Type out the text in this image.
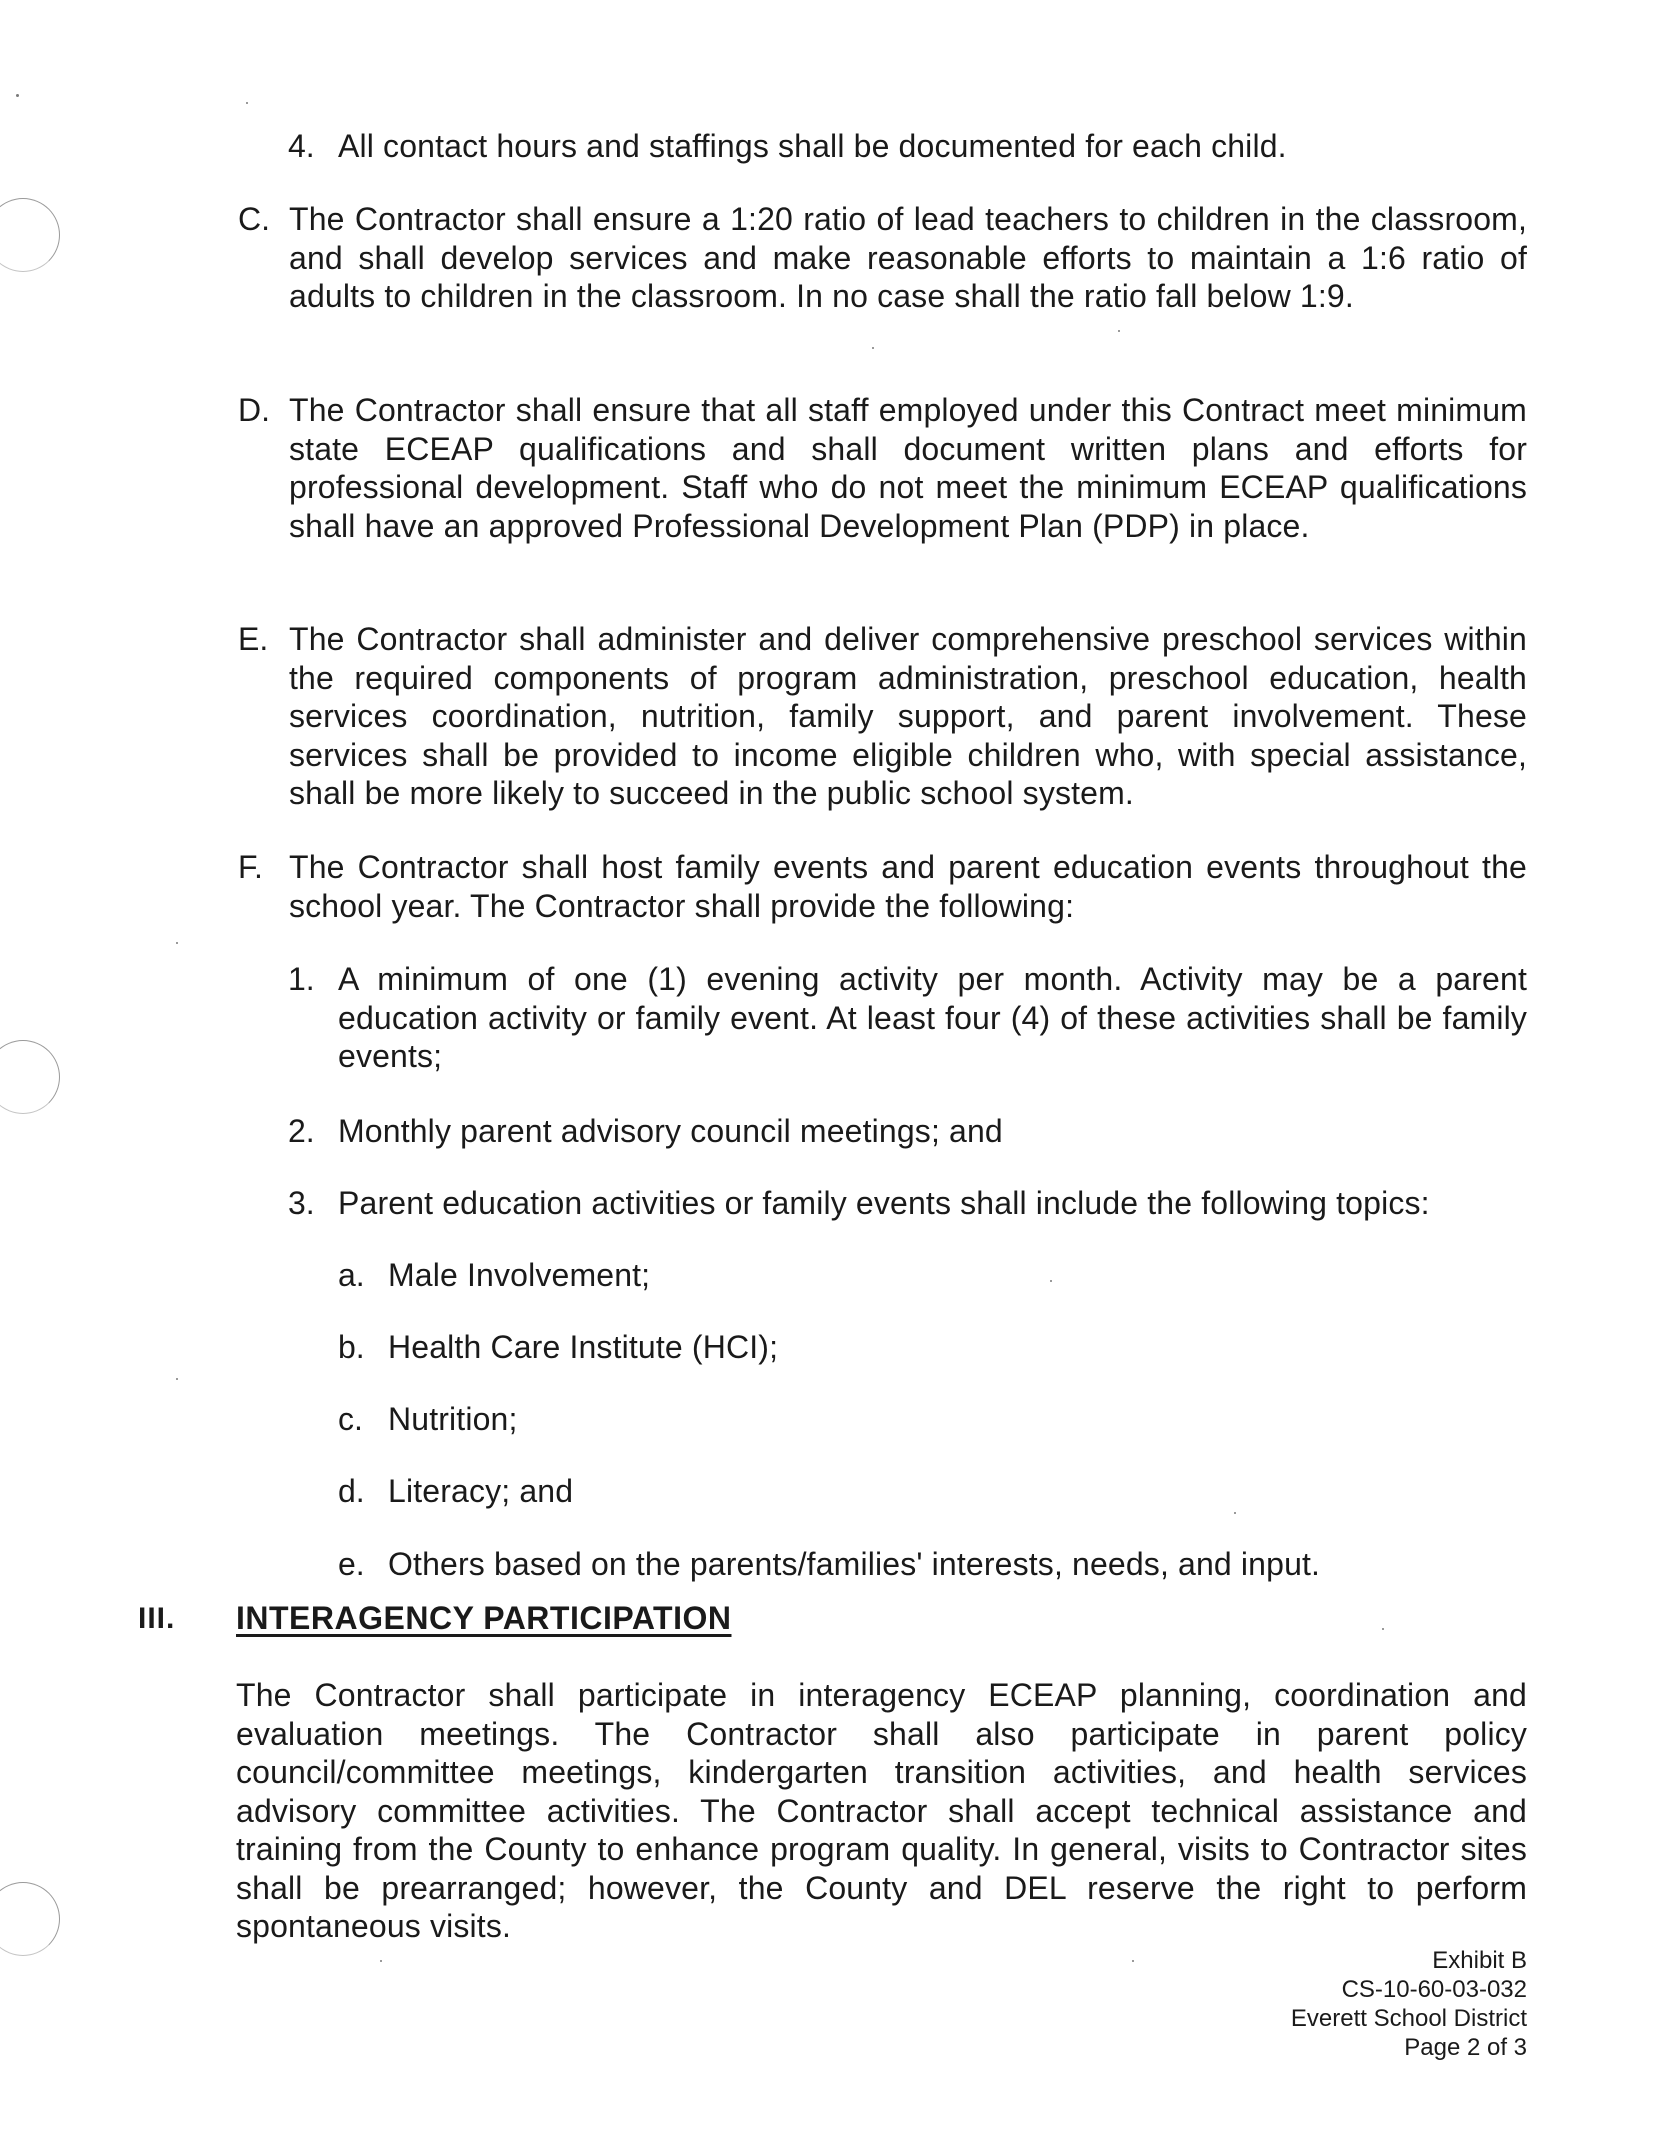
4. All contact hours and staffings shall be documented for each child.
C. The Contractor shall ensure a 1:20 ratio of lead teachers to children in the classroom, and shall develop services and make reasonable efforts to maintain a 1:6 ratio of adults to children in the classroom. In no case shall the ratio fall below 1:9.
D. The Contractor shall ensure that all staff employed under this Contract meet minimum state ECEAP qualifications and shall document written plans and efforts for professional development. Staff who do not meet the minimum ECEAP qualifications shall have an approved Professional Development Plan (PDP) in place.
E. The Contractor shall administer and deliver comprehensive preschool services within the required components of program administration, preschool education, health services coordination, nutrition, family support, and parent involvement. These services shall be provided to income eligible children who, with special assistance, shall be more likely to succeed in the public school system.
F. The Contractor shall host family events and parent education events throughout the school year. The Contractor shall provide the following:
1. A minimum of one (1) evening activity per month. Activity may be a parent education activity or family event. At least four (4) of these activities shall be family events;
2. Monthly parent advisory council meetings; and
3. Parent education activities or family events shall include the following topics:
a. Male Involvement;
b. Health Care Institute (HCI);
c. Nutrition;
d. Literacy; and
e. Others based on the parents/families' interests, needs, and input.
III. INTERAGENCY PARTICIPATION
The Contractor shall participate in interagency ECEAP planning, coordination and evaluation meetings. The Contractor shall also participate in parent policy council/committee meetings, kindergarten transition activities, and health services advisory committee activities. The Contractor shall accept technical assistance and training from the County to enhance program quality. In general, visits to Contractor sites shall be prearranged; however, the County and DEL reserve the right to perform spontaneous visits.
Exhibit B
CS-10-60-03-032
Everett School District
Page 2 of 3
